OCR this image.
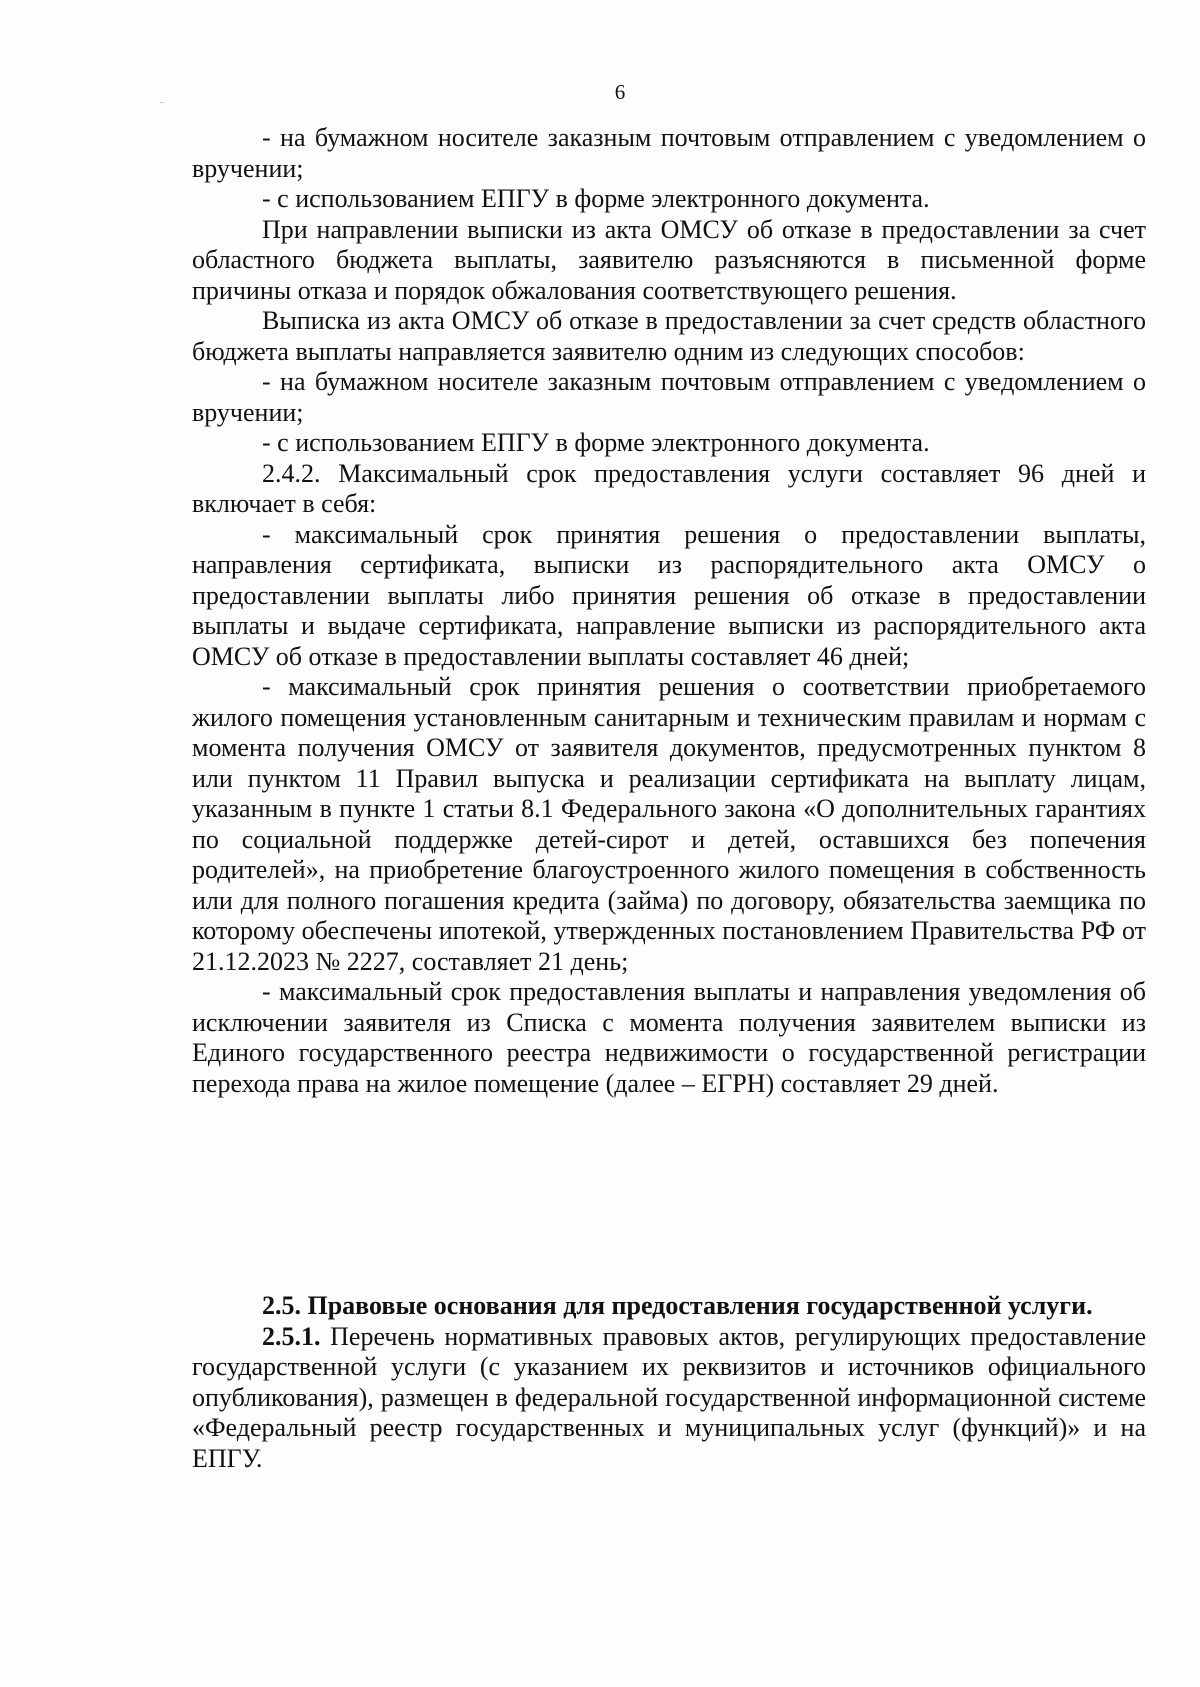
6

- на бумажном носителе заказным почтовым отправлением с уведомлением о вручении;

- с использованием ЕПГУ в форме электронного документа.

При направлении выписки из акта ОМСУ об отказе в предоставлении за счет областного бюджета выплаты, заявителю разъясняются в письменной форме причины отказа и порядок обжалования соответствующего решения.

Выписка из акта ОМСУ об отказе в предоставлении за счет средств областного бюджета выплаты направляется заявителю одним из следующих способов:

- на бумажном носителе заказным почтовым отправлением с уведомлением о вручении;

- с использованием ЕПГУ в форме электронного документа.

2.4.2. Максимальный срок предоставления услуги составляет 96 дней и включает в себя:

- максимальный срок принятия решения о предоставлении выплаты, направления сертификата, выписки из распорядительного акта ОМСУ о предоставлении выплаты либо принятия решения об отказе в предоставлении выплаты и выдаче сертификата, направление выписки из распорядительного акта ОМСУ об отказе в предоставлении выплаты составляет 46 дней;

- максимальный срок принятия решения о соответствии приобретаемого жилого помещения установленным санитарным и техническим правилам и нормам с момента получения ОМСУ от заявителя документов, предусмотренных пунктом 8 или пунктом 11 Правил выпуска и реализации сертификата на выплату лицам, указанным в пункте 1 статьи 8.1 Федерального закона «О дополнительных гарантиях по социальной поддержке детей-сирот и детей, оставшихся без попечения родителей», на приобретение благоустроенного жилого помещения в собственность или для полного погашения кредита (займа) по договору, обязательства заемщика по которому обеспечены ипотекой, утвержденных постановлением Правительства РФ от 21.12.2023 № 2227, составляет 21 день;

- максимальный срок предоставления выплаты и направления уведомления об исключении заявителя из Списка с момента получения заявителем выписки из Единого государственного реестра недвижимости о государственной регистрации перехода права на жилое помещение (далее – ЕГРН) составляет 29 дней.

2.5. Правовые основания для предоставления государственной услуги.

2.5.1. Перечень нормативных правовых актов, регулирующих предоставление государственной услуги (с указанием их реквизитов и источников официального опубликования), размещен в федеральной государственной информационной системе «Федеральный реестр государственных и муниципальных услуг (функций)» и на ЕПГУ.
